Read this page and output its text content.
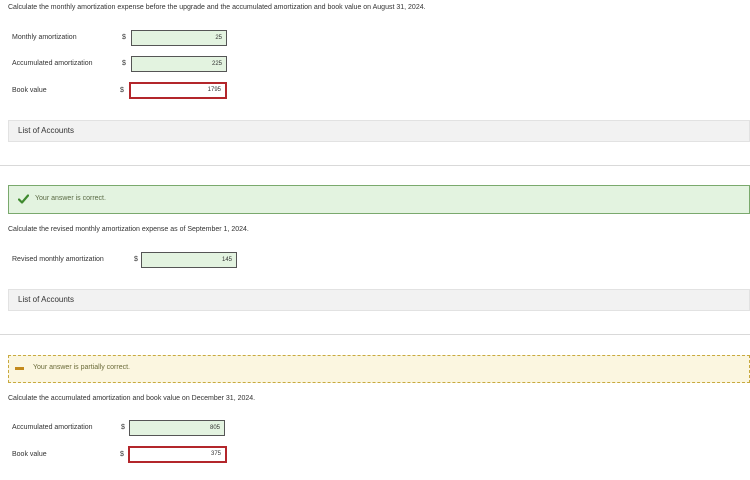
Calculate the monthly amortization expense before the upgrade and the accumulated amortization and book value on August 31, 2024.
Monthly amortization	$	25
Accumulated amortization	$	225
Book value	$	1795
List of Accounts
Your answer is correct.
Calculate the revised monthly amortization expense as of September 1, 2024.
Revised monthly amortization	$	145
List of Accounts
Your answer is partially correct.
Calculate the accumulated amortization and book value on December 31, 2024.
Accumulated amortization	$	805
Book value	$	375
